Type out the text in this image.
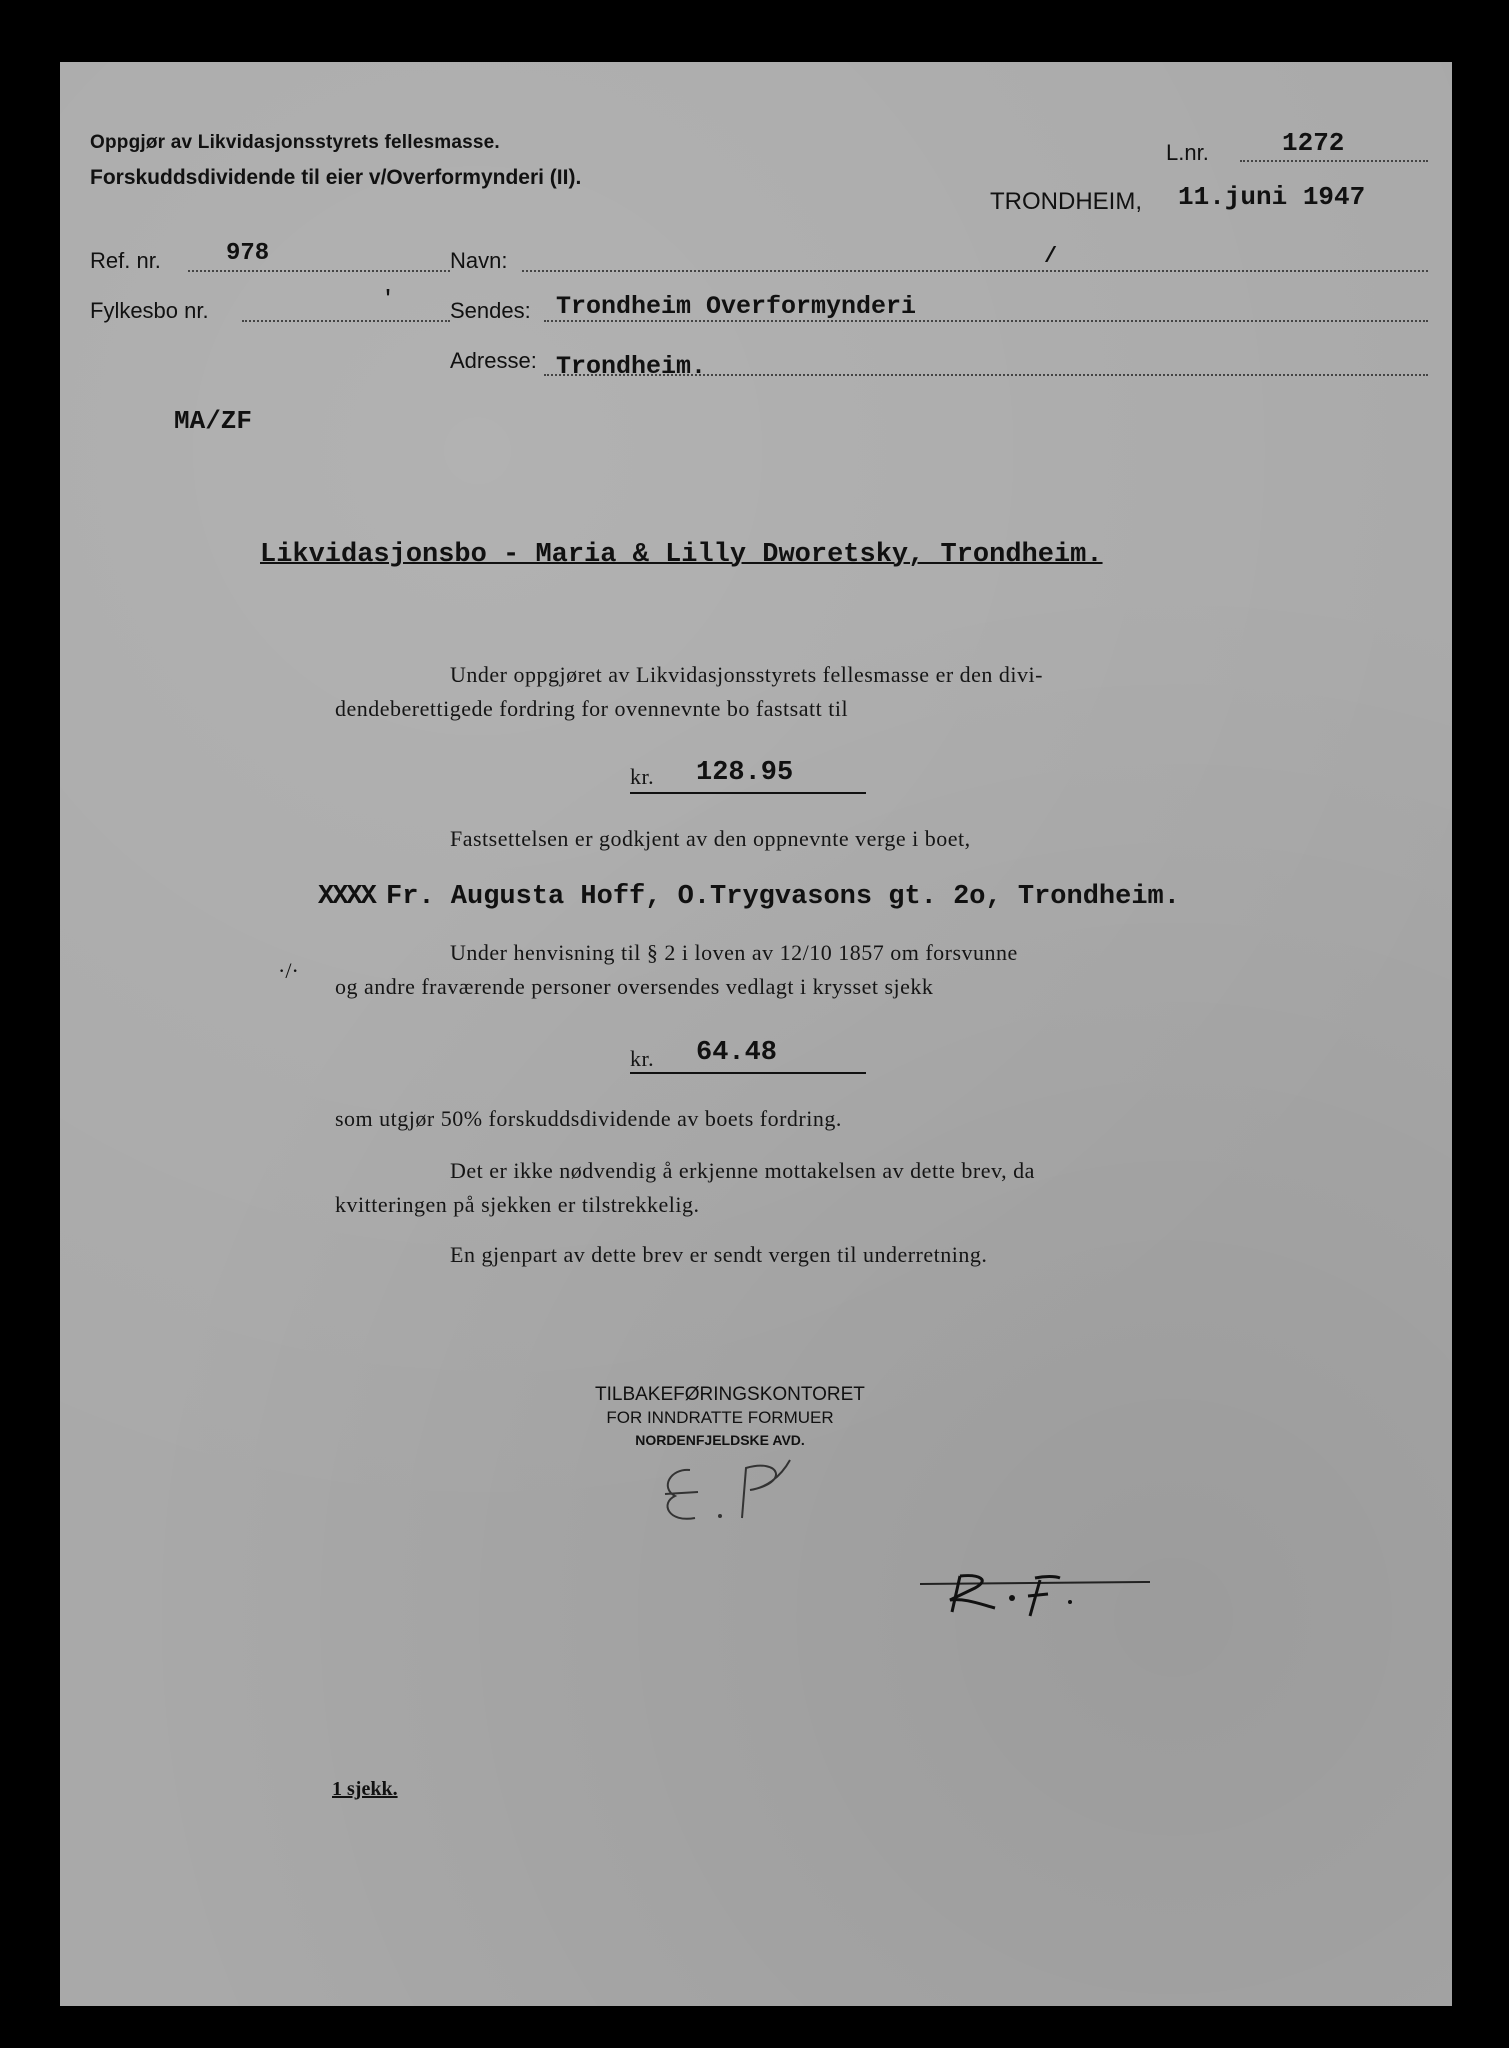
Oppgjør av Likvidasjonsstyrets fellesmasse.
Forskuddsdividende til eier v/Overformynderi (II).
L.nr.	1272
TRONDHEIM, 11.juni 1947
Ref. nr.	978
Fylkesbo nr.	'
Navn:	/
Sendes: Trondheim Overformynderi
Adresse: Trondheim.
MA/ZF
Likvidasjonsbo - Maria & Lilly Dworetsky, Trondheim.
Under oppgjøret av Likvidasjonsstyrets fellesmasse er den divi-
dendeberettigede fordring for ovennevnte bo fastsatt til
kr. 128.95
Fastsettelsen er godkjent av den oppnevnte verge i boet,
XXXX Fr. Augusta Hoff, O.Trygvasons gt. 2o, Trondheim.
Under henvisning til § 2 i loven av 12/10 1857 om forsvunne
·/·
og andre fraværende personer oversendes vedlagt i krysset sjekk
kr. 64.48
som utgjør 50% forskuddsdividende av boets fordring.
Det er ikke nødvendig å erkjenne mottakelsen av dette brev, da
kvitteringen på sjekken er tilstrekkelig.
En gjenpart av dette brev er sendt vergen til underretning.
TILBAKEFØRINGSKONTORET
FOR INNDRATTE FORMUER
NORDENFJELDSKE AVD.
1 sjekk.
